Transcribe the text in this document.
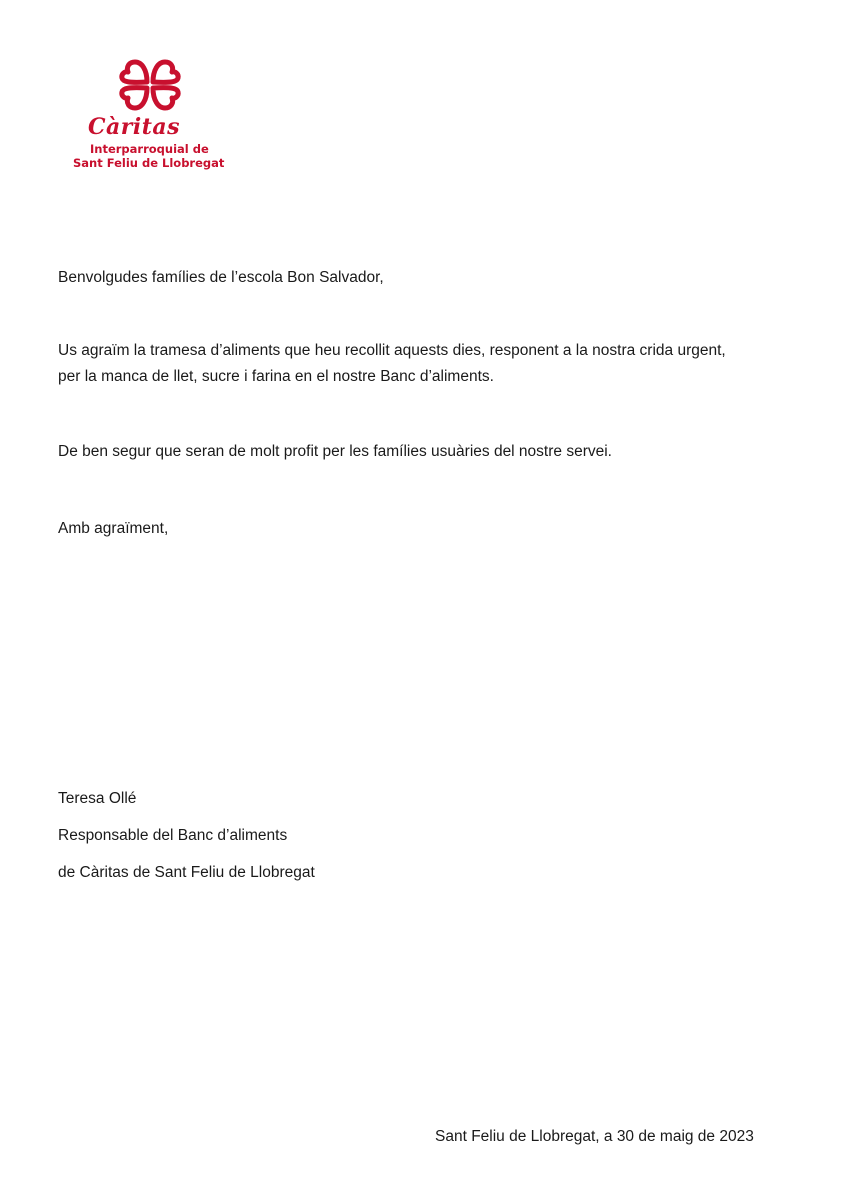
Càritas
Interparroquial de
Sant Feliu de Llobregat
Benvolgudes famílies de l’escola Bon Salvador,
Us agraïm la tramesa d’aliments que heu recollit aquests dies, responent a la nostra crida urgent,
per la manca de llet, sucre i farina en el nostre Banc d’aliments.
De ben segur que seran de molt profit per les famílies usuàries del nostre servei.
Amb agraïment,
Teresa Ollé
Responsable del Banc d’aliments
de Càritas de Sant Feliu de Llobregat
Sant Feliu de Llobregat, a 30 de maig de 2023
